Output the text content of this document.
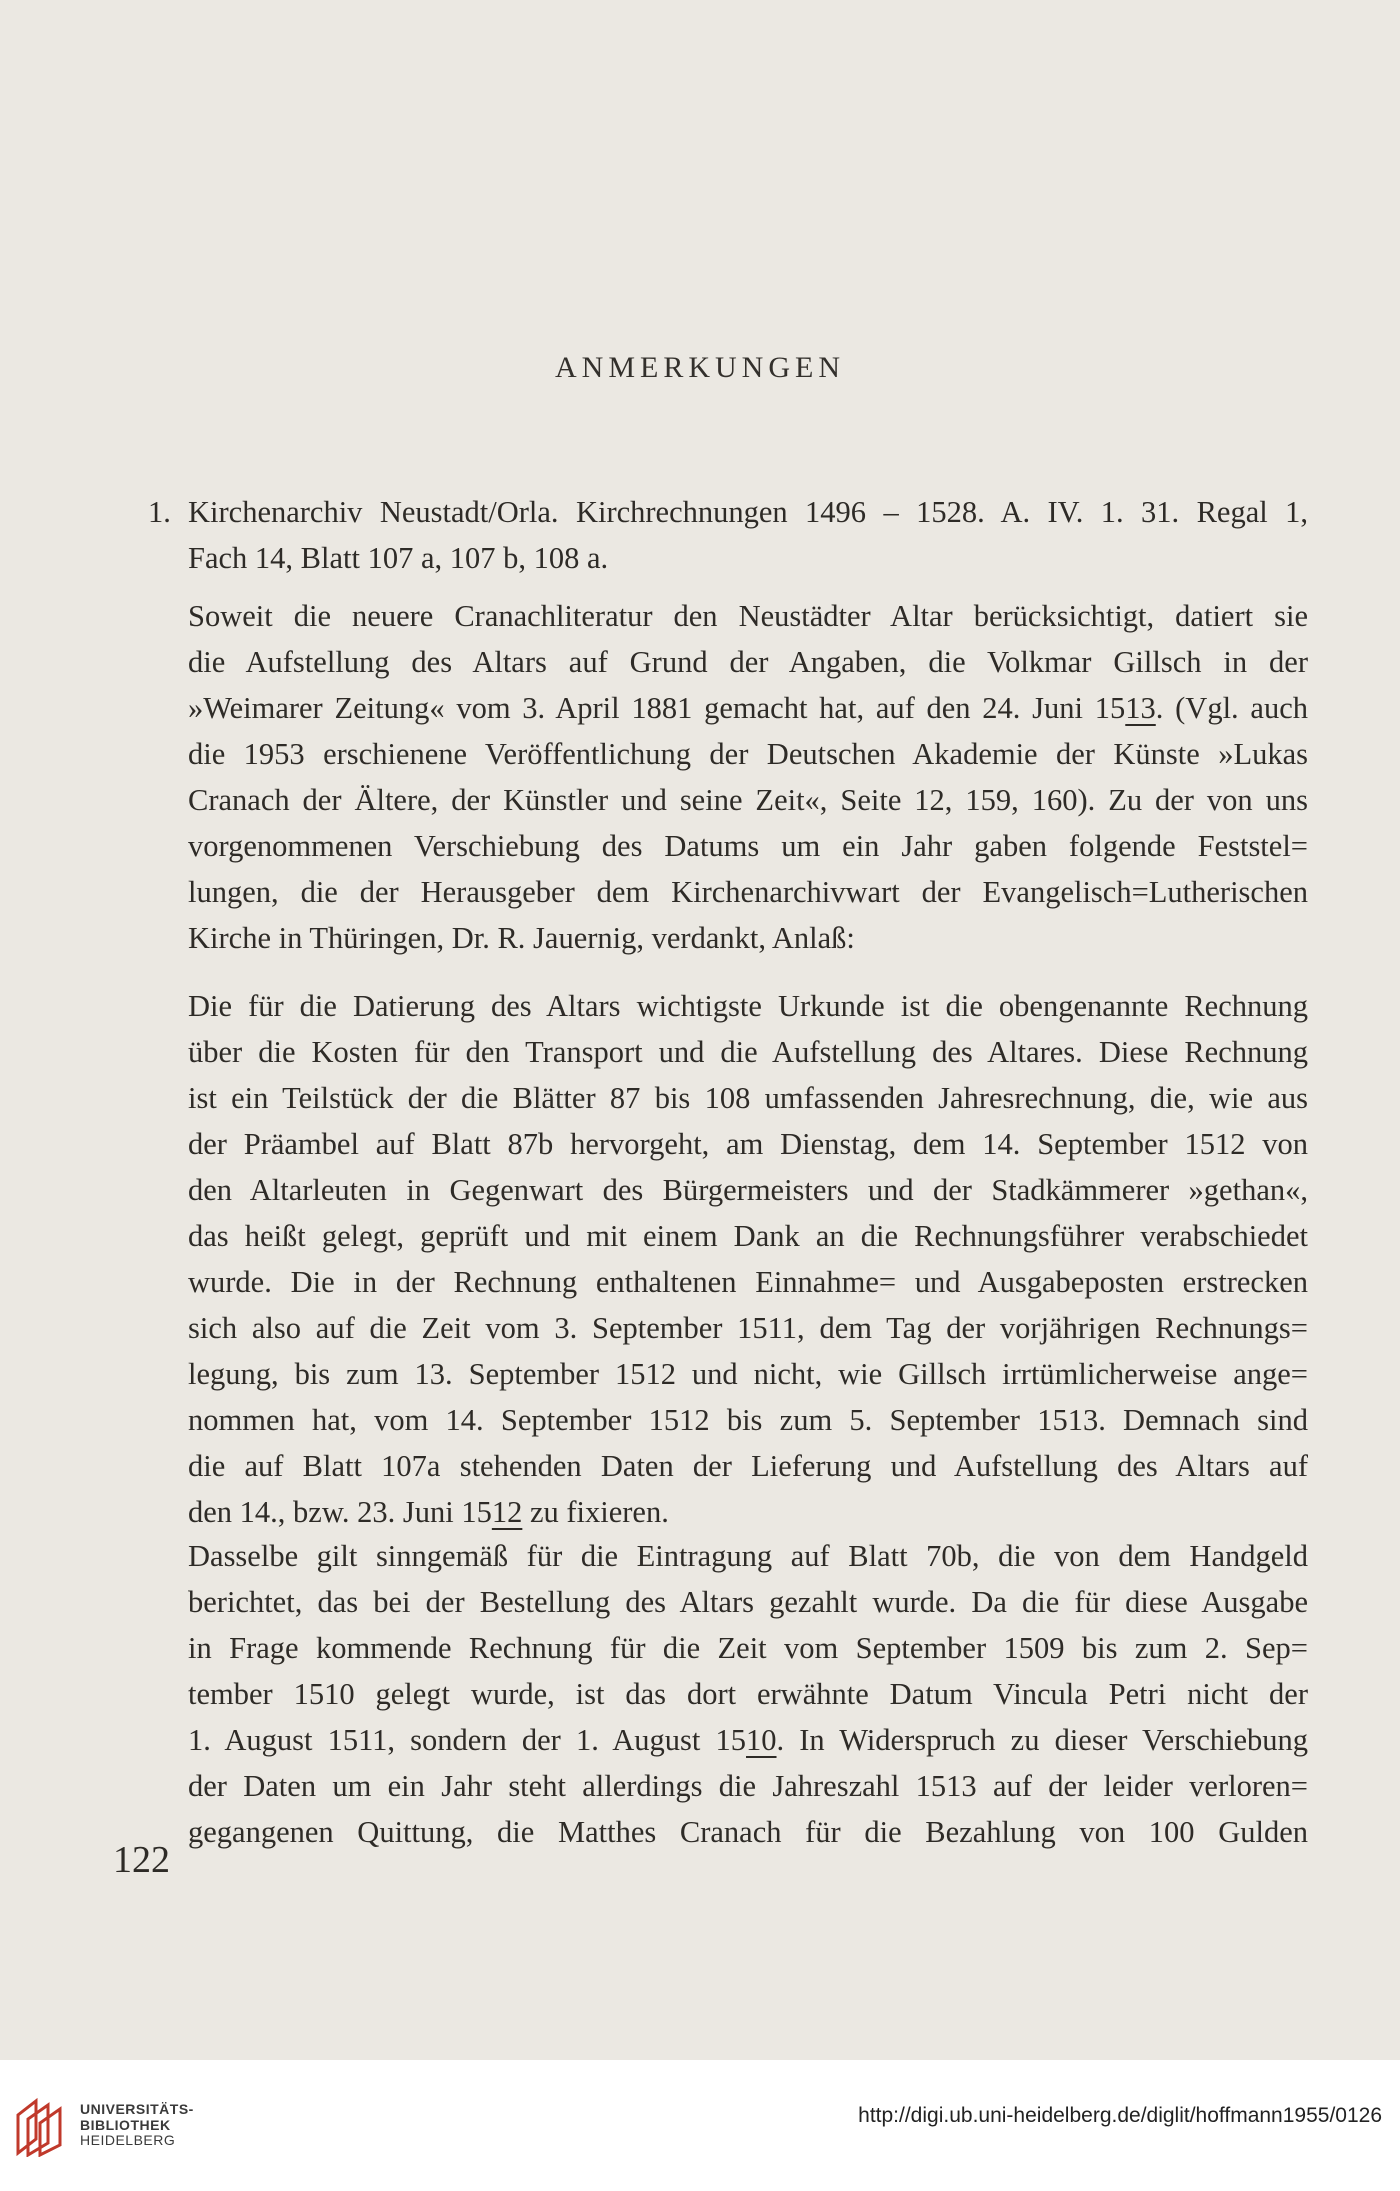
ANMERKUNGEN
1. Kirchenarchiv Neustadt/Orla. Kirchrechnungen 1496 – 1528. A. IV. 1. 31. Regal 1,
Fach 14, Blatt 107 a, 107 b, 108 a.
Soweit die neuere Cranachliteratur den Neustädter Altar berücksichtigt, datiert sie
die Aufstellung des Altars auf Grund der Angaben, die Volkmar Gillsch in der
»Weimarer Zeitung« vom 3. April 1881 gemacht hat, auf den 24. Juni 1513. (Vgl. auch
die 1953 erschienene Veröffentlichung der Deutschen Akademie der Künste »Lukas
Cranach der Ältere, der Künstler und seine Zeit«, Seite 12, 159, 160). Zu der von uns
vorgenommenen Verschiebung des Datums um ein Jahr gaben folgende Feststel=
lungen, die der Herausgeber dem Kirchenarchivwart der Evangelisch=Lutherischen
Kirche in Thüringen, Dr. R. Jauernig, verdankt, Anlaß:
Die für die Datierung des Altars wichtigste Urkunde ist die obengenannte Rechnung
über die Kosten für den Transport und die Aufstellung des Altares. Diese Rechnung
ist ein Teilstück der die Blätter 87 bis 108 umfassenden Jahresrechnung, die, wie aus
der Präambel auf Blatt 87b hervorgeht, am Dienstag, dem 14. September 1512 von
den Altarleuten in Gegenwart des Bürgermeisters und der Stadkämmerer »gethan«,
das heißt gelegt, geprüft und mit einem Dank an die Rechnungsführer verabschiedet
wurde. Die in der Rechnung enthaltenen Einnahme= und Ausgabeposten erstrecken
sich also auf die Zeit vom 3. September 1511, dem Tag der vorjährigen Rechnungs=
legung, bis zum 13. September 1512 und nicht, wie Gillsch irrtümlicherweise ange=
nommen hat, vom 14. September 1512 bis zum 5. September 1513. Demnach sind
die auf Blatt 107a stehenden Daten der Lieferung und Aufstellung des Altars auf
den 14., bzw. 23. Juni 1512 zu fixieren.
Dasselbe gilt sinngemäß für die Eintragung auf Blatt 70b, die von dem Handgeld
berichtet, das bei der Bestellung des Altars gezahlt wurde. Da die für diese Ausgabe
in Frage kommende Rechnung für die Zeit vom September 1509 bis zum 2. Sep=
tember 1510 gelegt wurde, ist das dort erwähnte Datum Vincula Petri nicht der
1. August 1511, sondern der 1. August 1510. In Widerspruch zu dieser Verschiebung
der Daten um ein Jahr steht allerdings die Jahreszahl 1513 auf der leider verloren=
gegangenen Quittung, die Matthes Cranach für die Bezahlung von 100 Gulden
122
UNIVERSITÄTS-
BIBLIOTHEK
HEIDELBERG
http://digi.ub.uni-heidelberg.de/diglit/hoffmann1955/0126
